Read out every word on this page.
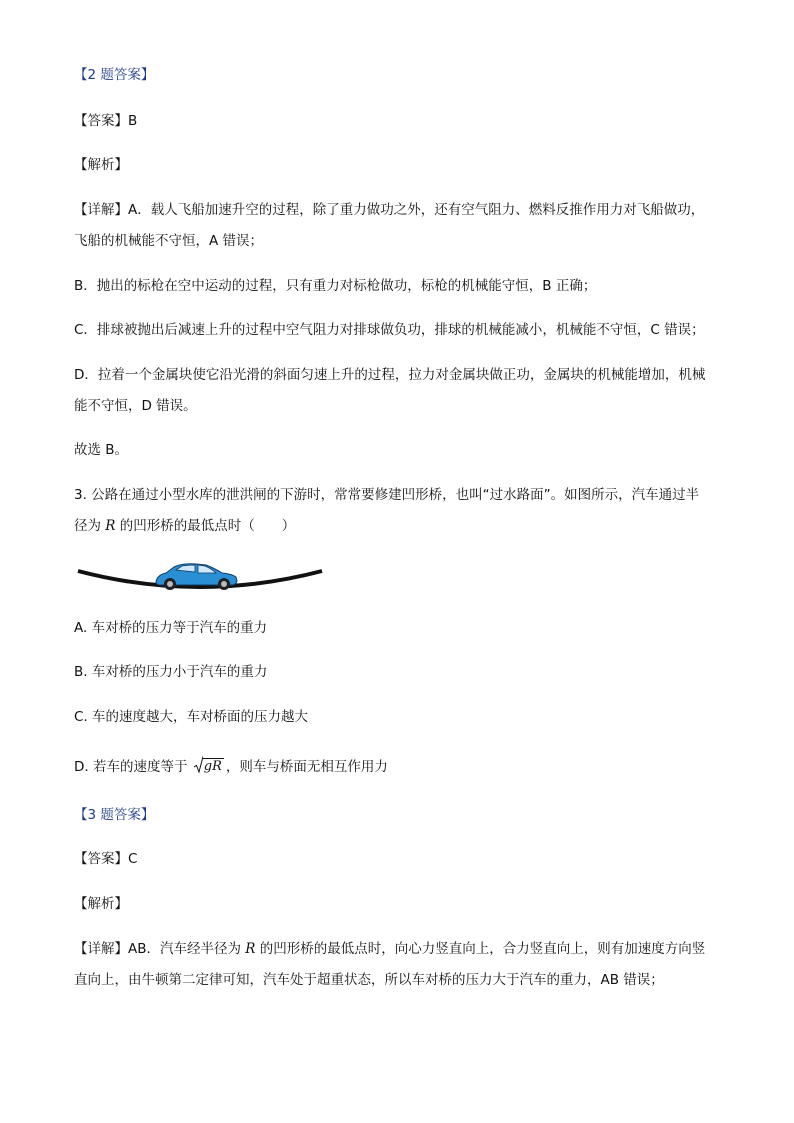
【2 题答案】
【答案】B
【解析】
【详解】A．载人飞船加速升空的过程，除了重力做功之外，还有空气阻力、燃料反推作用力对飞船做功，
飞船的机械能不守恒，A 错误；
B．抛出的标枪在空中运动的过程，只有重力对标枪做功，标枪的机械能守恒，B 正确；
C．排球被抛出后减速上升的过程中空气阻力对排球做负功，排球的机械能减小，机械能不守恒，C 错误；
D．拉着一个金属块使它沿光滑的斜面匀速上升的过程，拉力对金属块做正功，金属块的机械能增加，机械
能不守恒，D 错误。
故选 B。
3. 公路在通过小型水库的泄洪闸的下游时，常常要修建凹形桥，也叫“过水路面”。如图所示，汽车通过半
径为 R 的凹形桥的最低点时（　　）
A. 车对桥的压力等于汽车的重力
B. 车对桥的压力小于汽车的重力
C. 车的速度越大，车对桥面的压力越大
D. 若车的速度等于 gR ，则车与桥面无相互作用力
【3 题答案】
【答案】C
【解析】
【详解】AB．汽车经半径为 R 的凹形桥的最低点时，向心力竖直向上，合力竖直向上，则有加速度方向竖
直向上，由牛顿第二定律可知，汽车处于超重状态，所以车对桥的压力大于汽车的重力，AB 错误；
